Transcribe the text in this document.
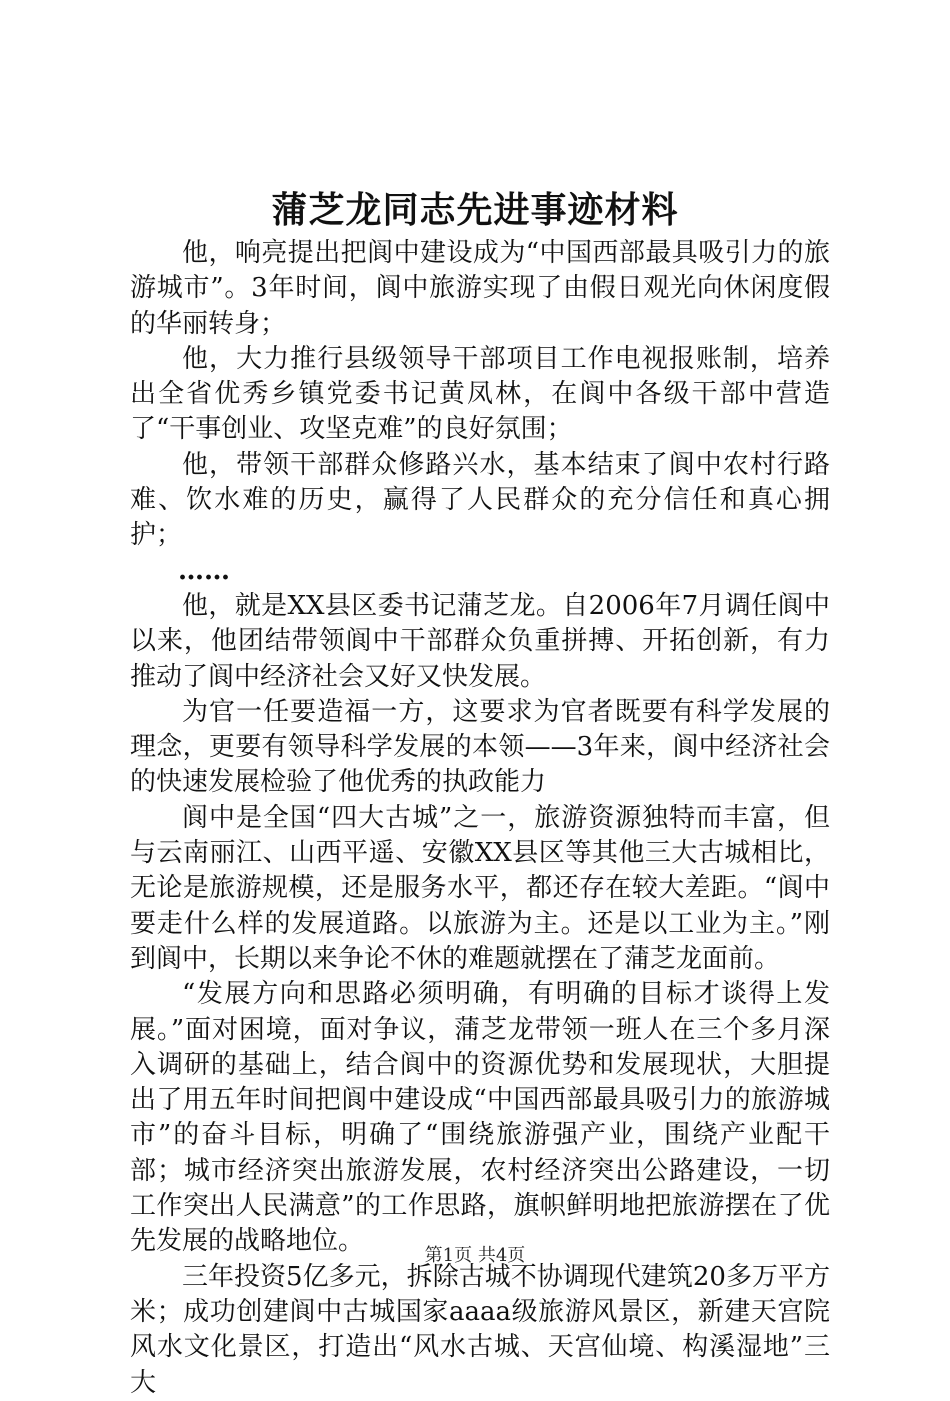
蒲芝龙同志先进事迹材料

他，响亮提出把阆中建设成为“中国西部最具吸引力的旅游城市”。3年时间，阆中旅游实现了由假日观光向休闲度假的华丽转身；

他，大力推行县级领导干部项目工作电视报账制，培养出全省优秀乡镇党委书记黄凤林，在阆中各级干部中营造了“干事创业、攻坚克难”的良好氛围；

他，带领干部群众修路兴水，基本结束了阆中农村行路难、饮水难的历史，赢得了人民群众的充分信任和真心拥护；

……

他，就是XX县区委书记蒲芝龙。自2006年7月调任阆中以来，他团结带领阆中干部群众负重拼搏、开拓创新，有力推动了阆中经济社会又好又快发展。

为官一任要造福一方，这要求为官者既要有科学发展的理念，更要有领导科学发展的本领——3年来，阆中经济社会的快速发展检验了他优秀的执政能力

阆中是全国“四大古城”之一，旅游资源独特而丰富，但与云南丽江、山西平遥、安徽XX县区等其他三大古城相比，无论是旅游规模，还是服务水平，都还存在较大差距。“阆中要走什么样的发展道路。以旅游为主。还是以工业为主。”刚到阆中，长期以来争论不休的难题就摆在了蒲芝龙面前。

“发展方向和思路必须明确，有明确的目标才谈得上发展。”面对困境，面对争议，蒲芝龙带领一班人在三个多月深入调研的基础上，结合阆中的资源优势和发展现状，大胆提出了用五年时间把阆中建设成“中国西部最具吸引力的旅游城市”的奋斗目标，明确了“围绕旅游强产业，围绕产业配干部；城市经济突出旅游发展，农村经济突出公路建设，一切工作突出人民满意”的工作思路，旗帜鲜明地把旅游摆在了优先发展的战略地位。

三年投资5亿多元，拆除古城不协调现代建筑20多万平方米；成功创建阆中古城国家aaaa级旅游风景区，新建天宫院风水文化景区，打造出“风水古城、天宫仙境、构溪湿地”三大

第1页 共4页
